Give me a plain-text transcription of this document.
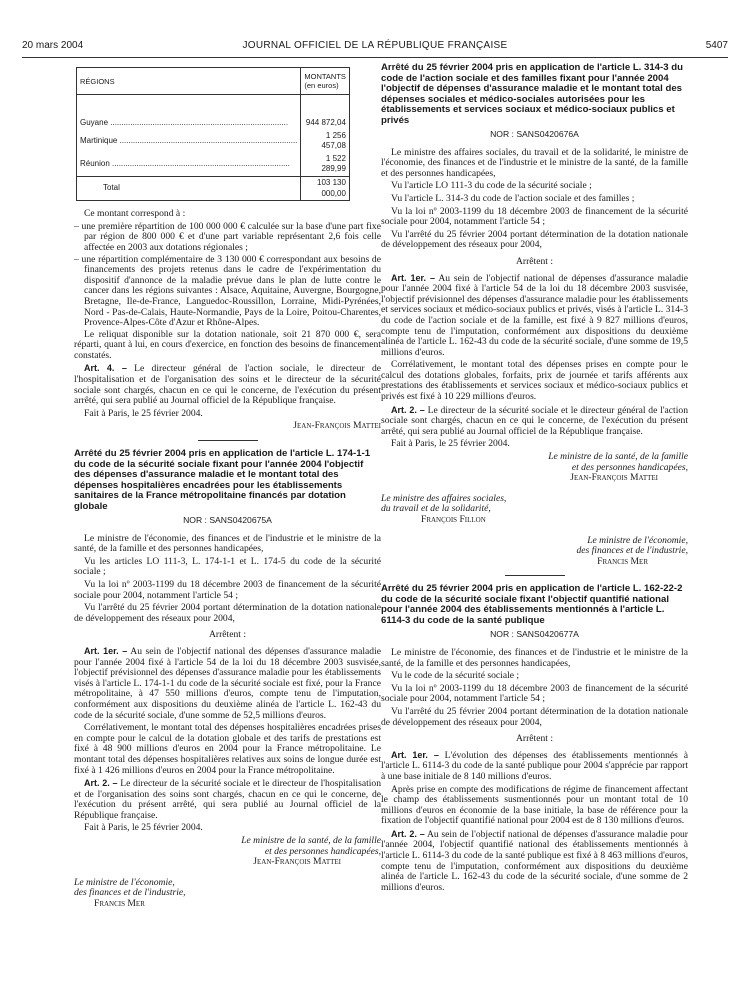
20 mars 2004	JOURNAL OFFICIEL DE LA RÉPUBLIQUE FRANÇAISE	5407
RÉGIONS	MONTANTS
(en euros)

Guyane ................................................................................	944 872,04
Martinique ................................................................................	1 256 457,08
Réunion ................................................................................	1 522 289,99
Total	103 130 000,00

Ce montant correspond à :

– une première répartition de 100 000 000 € calculée sur la base d'une part fixe par région de 800 000 € et d'une part variable représentant 2,6 fois celle affectée en 2003 aux dotations régionales ;
– une répartition complémentaire de 3 130 000 € correspondant aux besoins de financements des projets retenus dans le cadre de l'expérimentation du dispositif d'annonce de la maladie prévue dans le plan de lutte contre le cancer dans les régions suivantes : Alsace, Aquitaine, Auvergne, Bourgogne, Bretagne, Ile-de-France, Languedoc-Roussillon, Lorraine, Midi-Pyrénées, Nord - Pas-de-Calais, Haute-Normandie, Pays de la Loire, Poitou-Charentes, Provence-Alpes-Côte d'Azur et Rhône-Alpes.

Le reliquat disponible sur la dotation nationale, soit 21 870 000 €, sera réparti, quant à lui, en cours d'exercice, en fonction des besoins de financement constatés.

Art. 4. – Le directeur général de l'action sociale, le directeur de l'hospitalisation et de l'organisation des soins et le directeur de la sécurité sociale sont chargés, chacun en ce qui le concerne, de l'exécution du présent arrêté, qui sera publié au Journal officiel de la République française.

Fait à Paris, le 25 février 2004.

Jean-François Mattei

Arrêté du 25 février 2004 pris en application de l'article L. 174-1-1 du code de la sécurité sociale fixant pour l'année 2004 l'objectif des dépenses d'assurance maladie et le montant total des dépenses hospitalières encadrées pour les établissements sanitaires de la France métropolitaine financés par dotation globale

NOR : SANS0420675A

Le ministre de l'économie, des finances et de l'industrie et le ministre de la santé, de la famille et des personnes handicapées,

Vu les articles LO 111-3, L. 174-1-1 et L. 174-5 du code de la sécurité sociale ;

Vu la loi nº 2003-1199 du 18 décembre 2003 de financement de la sécurité sociale pour 2004, notamment l'article 54 ;

Vu l'arrêté du 25 février 2004 portant détermination de la dotation nationale de développement des réseaux pour 2004,

Arrêtent :

Art. 1er. – Au sein de l'objectif national des dépenses d'assurance maladie pour l'année 2004 fixé à l'article 54 de la loi du 18 décembre 2003 susvisée, l'objectif prévisionnel des dépenses d'assurance maladie pour les établissements visés à l'article L. 174-1-1 du code de la sécurité sociale est fixé, pour la France métropolitaine, à 47 550 millions d'euros, compte tenu de l'imputation, conformément aux dispositions du deuxième alinéa de l'article L. 162-43 du code de la sécurité sociale, d'une somme de 52,5 millions d'euros.

Corrélativement, le montant total des dépenses hospitalières encadrées prises en compte pour le calcul de la dotation globale et des tarifs de prestations est fixé à 48 900 millions d'euros en 2004 pour la France métropolitaine. Le montant total des dépenses hospitalières relatives aux soins de longue durée est fixé à 1 426 millions d'euros en 2004 pour la France métropolitaine.

Art. 2. – Le directeur de la sécurité sociale et le directeur de l'hospitalisation et de l'organisation des soins sont chargés, chacun en ce qui le concerne, de l'exécution du présent arrêté, qui sera publié au Journal officiel de la République française.

Fait à Paris, le 25 février 2004.

Le ministre de la santé, de la famille

et des personnes handicapées,

Jean-François Mattei

Le ministre de l'économie,

des finances et de l'industrie,

Francis Mer

Arrêté du 25 février 2004 pris en application de l'article L. 314-3 du code de l'action sociale et des familles fixant pour l'année 2004 l'objectif de dépenses d'assurance maladie et le montant total des dépenses sociales et médico-sociales autorisées pour les établissements et services sociaux et médico-sociaux publics et privés

NOR : SANS0420676A

Le ministre des affaires sociales, du travail et de la solidarité, le ministre de l'économie, des finances et de l'industrie et le ministre de la santé, de la famille et des personnes handicapées,

Vu l'article LO 111-3 du code de la sécurité sociale ;

Vu l'article L. 314-3 du code de l'action sociale et des familles ;

Vu la loi nº 2003-1199 du 18 décembre 2003 de financement de la sécurité sociale pour 2004, notamment l'article 54 ;

Vu l'arrêté du 25 février 2004 portant détermination de la dotation nationale de développement des réseaux pour 2004,

Arrêtent :

Art. 1er. – Au sein de l'objectif national de dépenses d'assurance maladie pour l'année 2004 fixé à l'article 54 de la loi du 18 décembre 2003 susvisée, l'objectif prévisionnel des dépenses d'assurance maladie pour les établissements et services sociaux et médico-sociaux publics et privés, visés à l'article L. 314-3 du code de l'action sociale et de la famille, est fixé à 9 827 millions d'euros, compte tenu de l'imputation, conformément aux dispositions du deuxième alinéa de l'article L. 162-43 du code de la sécurité sociale, d'une somme de 19,5 millions d'euros.

Corrélativement, le montant total des dépenses prises en compte pour le calcul des dotations globales, forfaits, prix de journée et tarifs afférents aux prestations des établissements et services sociaux et médico-sociaux publics et privés est fixé à 10 229 millions d'euros.

Art. 2. – Le directeur de la sécurité sociale et le directeur général de l'action sociale sont chargés, chacun en ce qui le concerne, de l'exécution du présent arrêté, qui sera publié au Journal officiel de la République française.

Fait à Paris, le 25 février 2004.

Le ministre de la santé, de la famille

et des personnes handicapées,

Jean-François Mattei

Le ministre des affaires sociales,

du travail et de la solidarité,

François Fillon

Le ministre de l'économie,

des finances et de l'industrie,

Francis Mer

Arrêté du 25 février 2004 pris en application de l'article L. 162-22-2 du code de la sécurité sociale fixant l'objectif quantifié national pour l'année 2004 des établissements mentionnés à l'article L. 6114-3 du code de la santé publique

NOR : SANS0420677A

Le ministre de l'économie, des finances et de l'industrie et le ministre de la santé, de la famille et des personnes handicapées,

Vu le code de la sécurité sociale ;

Vu la loi nº 2003-1199 du 18 décembre 2003 de financement de la sécurité sociale pour 2004, notamment l'article 54 ;

Vu l'arrêté du 25 février 2004 portant détermination de la dotation nationale de développement des réseaux pour 2004,

Arrêtent :

Art. 1er. – L'évolution des dépenses des établissements mentionnés à l'article L. 6114-3 du code de la santé publique pour 2004 s'apprécie par rapport à une base initiale de 8 140 millions d'euros.

Après prise en compte des modifications de régime de financement affectant le champ des établissements susmentionnés pour un montant total de 10 millions d'euros en économie de la base initiale, la base de référence pour la fixation de l'objectif quantifié national pour 2004 est de 8 130 millions d'euros.

Art. 2. – Au sein de l'objectif national de dépenses d'assurance maladie pour l'année 2004, l'objectif quantifié national des établissements mentionnés à l'article L. 6114-3 du code de la santé publique est fixé à 8 463 millions d'euros, compte tenu de l'imputation, conformément aux dispositions du deuxième alinéa de l'article L. 162-43 du code de la sécurité sociale, d'une somme de 2 millions d'euros.
